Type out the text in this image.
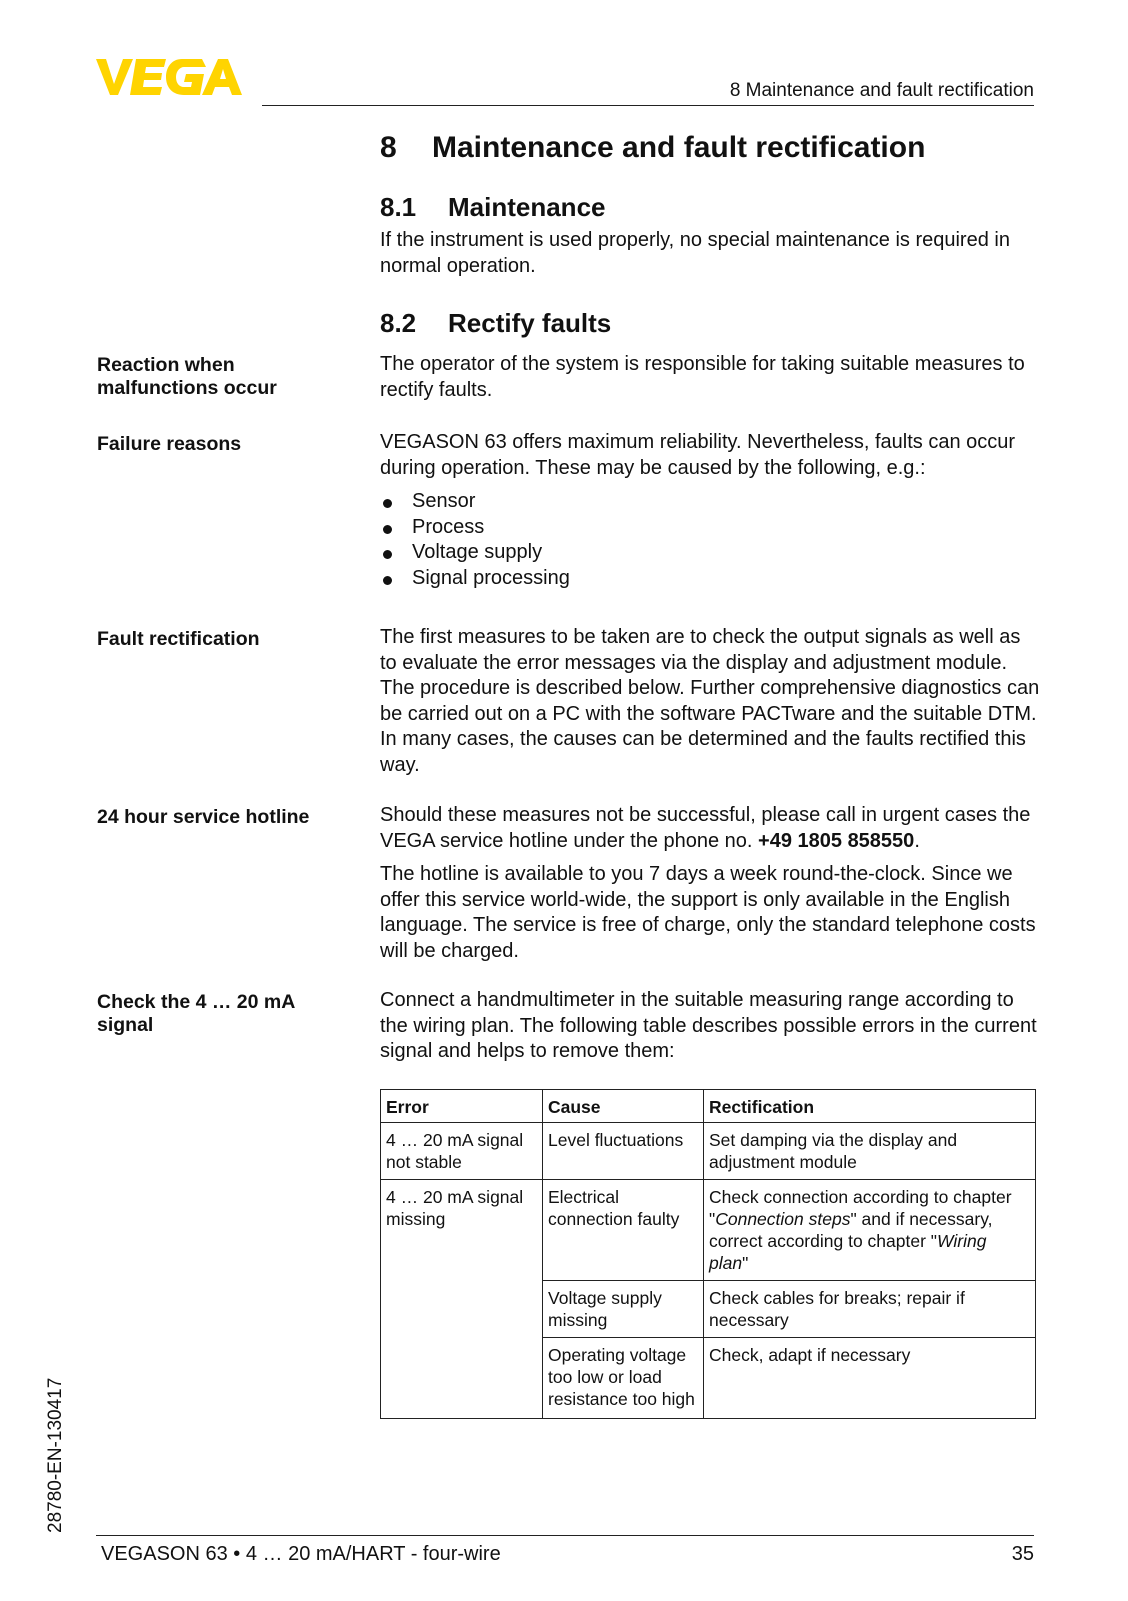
8 Maintenance and fault rectification
8 Maintenance and fault rectification
8.1 Maintenance
If the instrument is used properly, no special maintenance is required in normal operation.
8.2 Rectify faults
Reaction when malfunctions occur
The operator of the system is responsible for taking suitable measures to rectify faults.
Failure reasons	VEGASON 63 offers maximum reliability. Nevertheless, faults can occur during operation. These may be caused by the following, e.g.:
Sensor
Process
Voltage supply
Signal processing
Fault rectification	The first measures to be taken are to check the output signals as well as to evaluate the error messages via the display and adjustment module. The procedure is described below. Further comprehensive diagnostics can be carried out on a PC with the software PACTware and the suitable DTM. In many cases, the causes can be determined and the faults rectified this way.
24 hour service hotline	Should these measures not be successful, please call in urgent cases the VEGA service hotline under the phone no. +49 1805 858550.
The hotline is available to you 7 days a week round-the-clock. Since we offer this service world-wide, the support is only available in the English language. The service is free of charge, only the standard telephone costs will be charged.
Check the 4 … 20 mA signal
Connect a handmultimeter in the suitable measuring range according to the wiring plan. The following table describes possible errors in the current signal and helps to remove them:
Error	Cause	Rectification
4 … 20 mA signal not stable	Level fluctuations	Set damping via the display and adjustment module
4 … 20 mA signal missing	Electrical connection faulty	Check connection according to chapter "Connection steps" and if necessary, correct according to chapter "Wiring plan"
	Voltage supply missing	Check cables for breaks; repair if necessary
	Operating voltage too low or load resistance too high	Check, adapt if necessary
28780-EN-130417
VEGASON 63 • 4 … 20 mA/HART - four-wire	35
